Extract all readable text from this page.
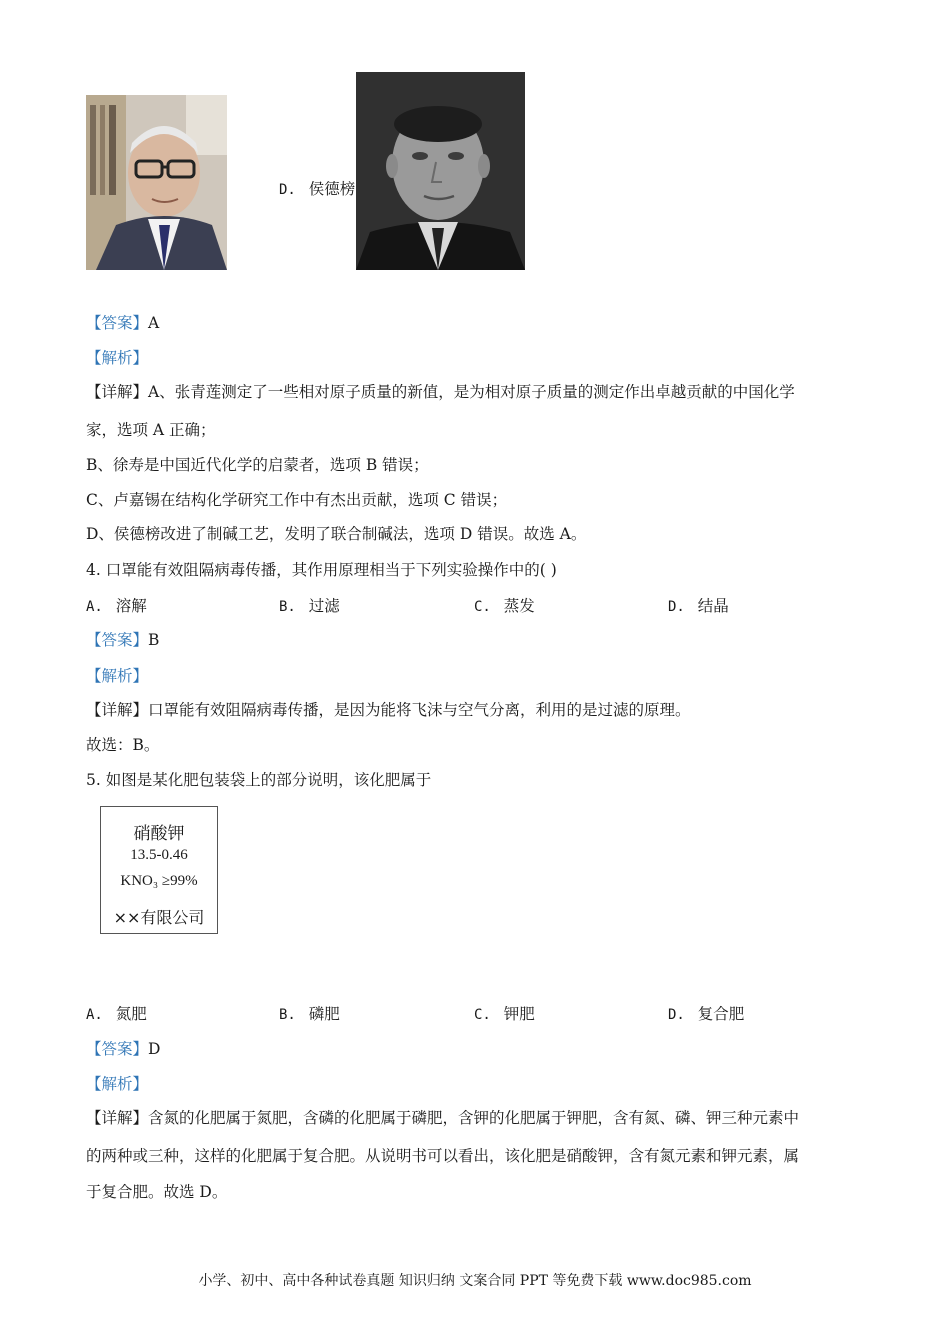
D. 侯德榜
【答案】A
【解析】
【详解】A、张青莲测定了一些相对原子质量的新值，是为相对原子质量的测定作出卓越贡献的中国化学
家，选项 A 正确；
B、徐寿是中国近代化学的启蒙者，选项 B 错误；
C、卢嘉锡在结构化学研究工作中有杰出贡献，选项 C 错误；
D、侯德榜改进了制碱工艺，发明了联合制碱法，选项 D 错误。故选 A。
4. 口罩能有效阻隔病毒传播，其作用原理相当于下列实验操作中的( )
A. 溶解	B. 过滤	C. 蒸发	D. 结晶
【答案】B
【解析】
【详解】口罩能有效阻隔病毒传播，是因为能将飞沫与空气分离，利用的是过滤的原理。
故选：B。
5. 如图是某化肥包装袋上的部分说明，该化肥属于
硝酸钾
13.5-0.46
KNO₃ ≥99%
××有限公司
A. 氮肥	B. 磷肥	C. 钾肥	D. 复合肥
【答案】D
【解析】
【详解】含氮的化肥属于氮肥，含磷的化肥属于磷肥，含钾的化肥属于钾肥，含有氮、磷、钾三种元素中
的两种或三种，这样的化肥属于复合肥。从说明书可以看出，该化肥是硝酸钾，含有氮元素和钾元素，属
于复合肥。故选 D。
小学、初中、高中各种试卷真题 知识归纳 文案合同 PPT 等免费下载 www.doc985.com
